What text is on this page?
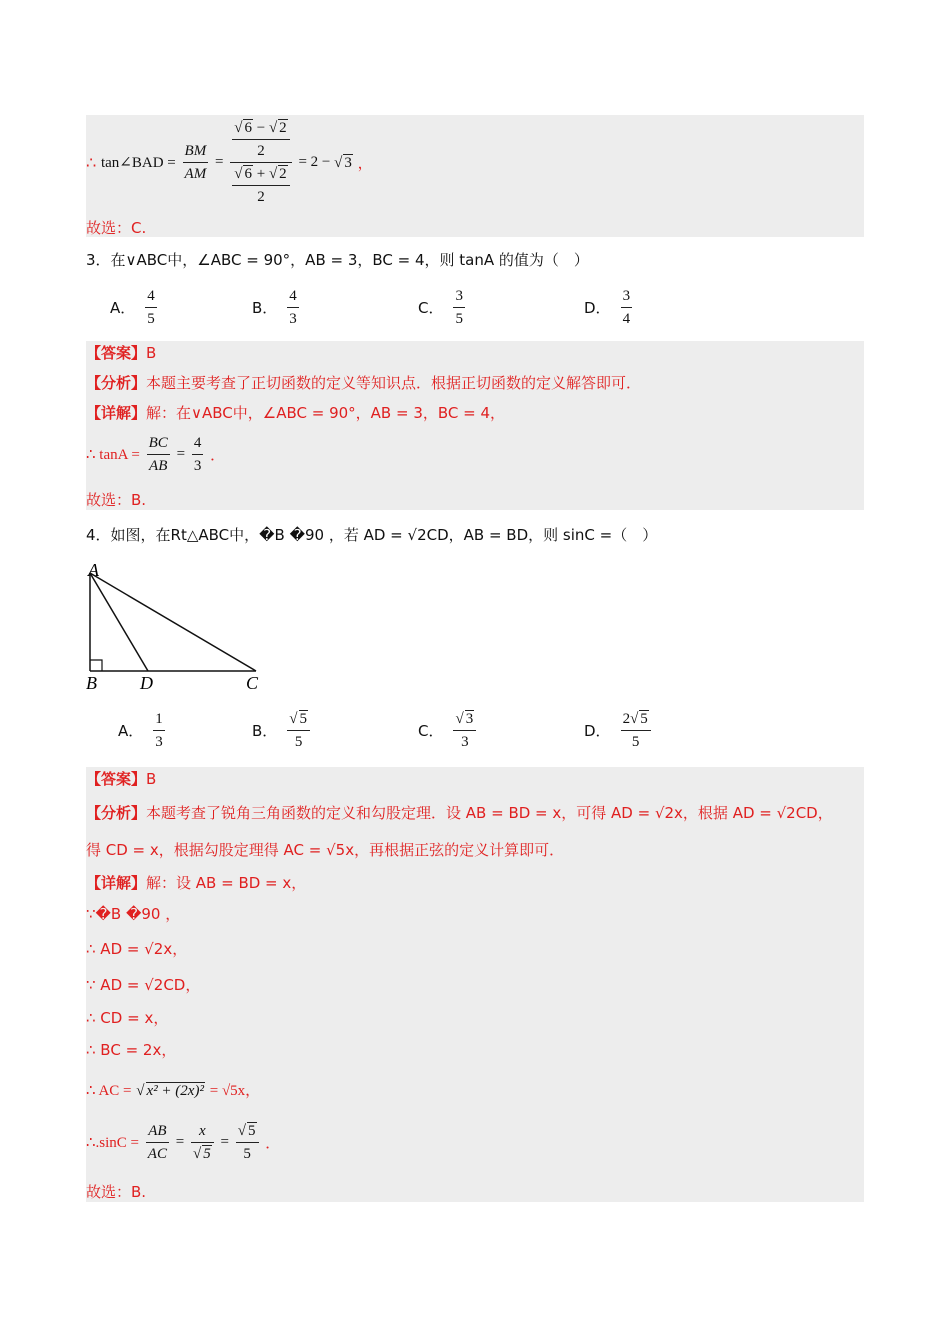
∴ tan∠BAD = $\frac{BM}{AM} = \frac{\frac{√ 6 - √ 2}{2}}{\frac{√ 6 + √ 2}{2}} = 2$ − √ 3 ，
故选：C.
3．在∨ABC中，∠ABC = 90°，AB = 3，BC = 4，则 tanA 的值为（　）
A． $\frac{4}{5}$	B． $\frac{4}{3}$	C． $\frac{3}{5}$	D． $\frac{3}{4}$
【答案】B
【分析】本题主要考查了正切函数的定义等知识点．根据正切函数的定义解答即可．
【详解】解：在∨ABC中，∠ABC = 90°，AB = 3，BC = 4，
∴ $\tan A = \frac{BC}{AB} = \frac{4}{3}$ ．
故选：B.
4．如图，在Rt△ABC中，�B �90 ，若 AD = √2CD，AB = BD，则 sinC =（　）
A
B D	C
A． $\frac{1}{3}$	B． $\frac{√ 5}{5}$	C． $\frac{√ 3}{3}$	D． $\frac{2√ 5}{5}$
【答案】B
【分析】本题考查了锐角三角函数的定义和勾股定理．设 AB = BD = x，可得 AD = √2x，根据 AD = √2CD，
得 CD = x，根据勾股定理得 AC = √5x，再根据正弦的定义计算即可．
【详解】解：设 AB = BD = x，
∵�B �90 ，
∴ AD = √2x，
∵ AD = √2CD，
∴ CD = x，
∴ BC = 2x，
∴ AC = √ x² + (2x)² = √5x，
∴.sinC = $\frac{AB}{AC} = \frac{x}{√ 5} = \frac{√ 5}{5}$ ．
故选：B.
